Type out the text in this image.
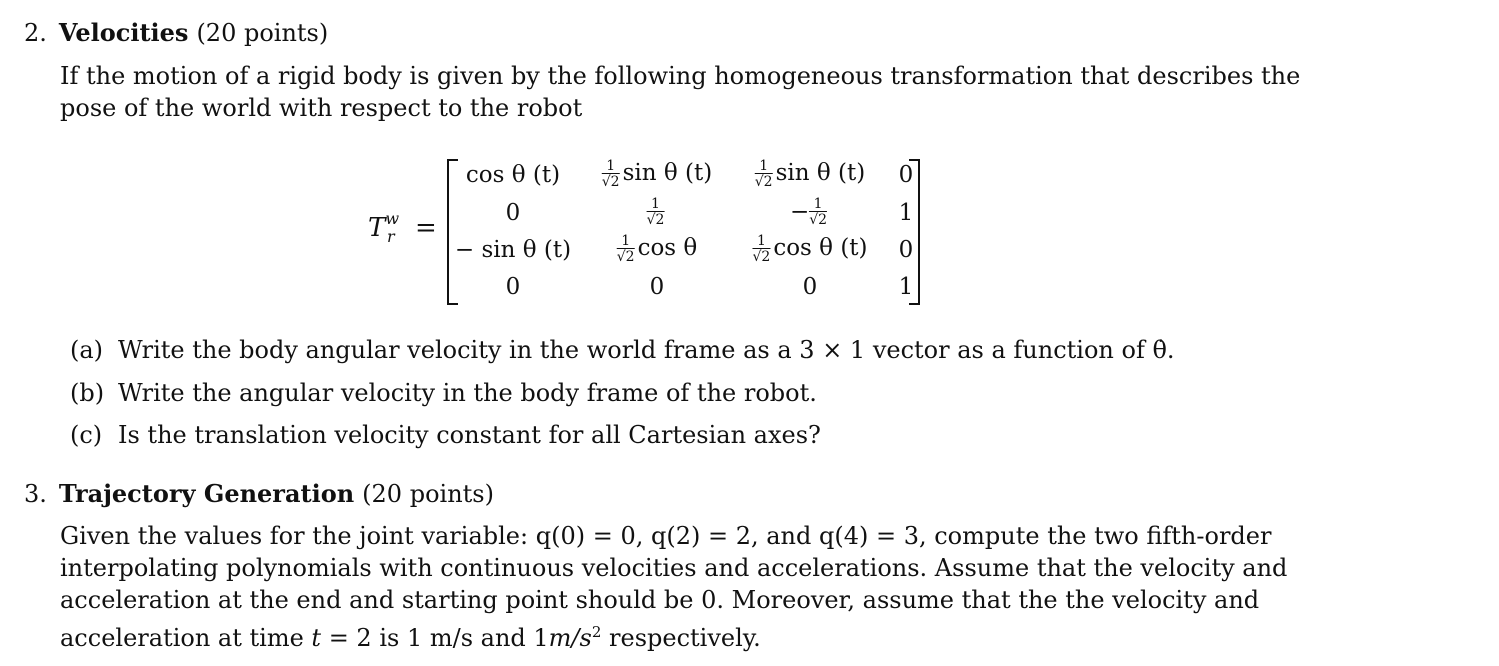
2. Velocities (20 points)
If the motion of a rigid body is given by the following homogeneous transformation that describes the
pose of the world with respect to the robot
$T^w_r$ =
cos θ (t)	$\frac{1}{√2}$ sin θ (t)	$\frac{1}{√2}$ sin θ (t) 0
0	$\frac{1}{√2}$	− $\frac{1}{√2}$	1
− sin θ (t)	$\frac{1}{√2}$ cos θ	$\frac{1}{√2}$ cos θ (t) 0
0	0	0	1
(a) Write the body angular velocity in the world frame as a 3 × 1 vector as a function of θ̇.
(b) Write the angular velocity in the body frame of the robot.
(c) Is the translation velocity constant for all Cartesian axes?
3. Trajectory Generation (20 points)
Given the values for the joint variable: q(0) = 0, q(2) = 2, and q(4) = 3, compute the two fifth-order
interpolating polynomials with continuous velocities and accelerations. Assume that the velocity and
acceleration at the end and starting point should be 0. Moreover, assume that the the velocity and
acceleration at time t = 2 is 1 m/s and $1m/s^2$ respectively.
